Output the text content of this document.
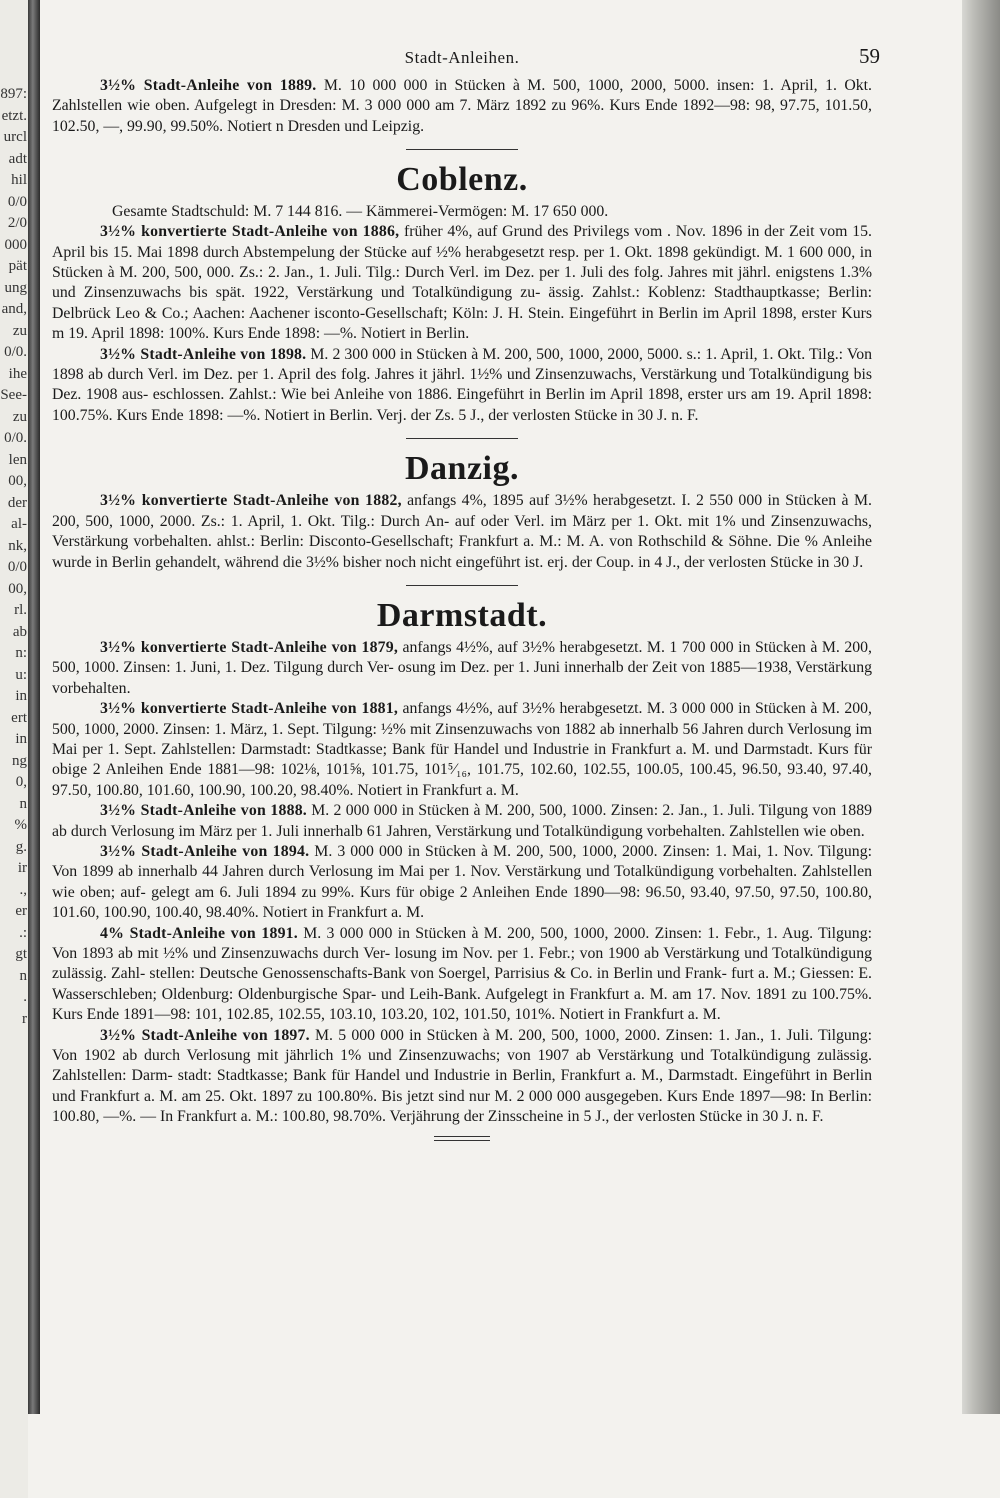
897:
etzt.
urcl
adt
hil
0/0
2/0
000
pät
ung
and,
zu
0/0.
ihe
See-
zu
0/0.
len
00,
der
al-
nk,
0/0
00,
rl.
ab
n:
u:
in
ert
in
ng
0,
n
%
g.
ir
.,
er
.:
gt
n
.
r
Stadt-Anleihen.	59

3½% Stadt-Anleihe von 1889. M. 10 000 000 in Stücken à M. 500, 1000, 2000, 5000. insen: 1. April, 1. Okt. Zahlstellen wie oben. Aufgelegt in Dresden: M. 3 000 000 am 7. März 1892 zu 96%. Kurs Ende 1892—98: 98, 97.75, 101.50, 102.50, —, 99.90, 99.50%. Notiert n Dresden und Leipzig.

Coblenz.

Gesamte Stadtschuld: M. 7 144 816. — Kämmerei-Vermögen: M. 17 650 000.

3½% konvertierte Stadt-Anleihe von 1886, früher 4%, auf Grund des Privilegs vom . Nov. 1896 in der Zeit vom 15. April bis 15. Mai 1898 durch Abstempelung der Stücke auf ½% herabgesetzt resp. per 1. Okt. 1898 gekündigt. M. 1 600 000, in Stücken à M. 200, 500, 000. Zs.: 2. Jan., 1. Juli. Tilg.: Durch Verl. im Dez. per 1. Juli des folg. Jahres mit jährl. enigstens 1.3% und Zinsenzuwachs bis spät. 1922, Verstärkung und Totalkündigung zu- ässig. Zahlst.: Koblenz: Stadthauptkasse; Berlin: Delbrück Leo & Co.; Aachen: Aachener isconto-Gesellschaft; Köln: J. H. Stein. Eingeführt in Berlin im April 1898, erster Kurs m 19. April 1898: 100%. Kurs Ende 1898: —%. Notiert in Berlin.

3½% Stadt-Anleihe von 1898. M. 2 300 000 in Stücken à M. 200, 500, 1000, 2000, 5000. s.: 1. April, 1. Okt. Tilg.: Von 1898 ab durch Verl. im Dez. per 1. April des folg. Jahres it jährl. 1½% und Zinsenzuwachs, Verstärkung und Totalkündigung bis Dez. 1908 aus- eschlossen. Zahlst.: Wie bei Anleihe von 1886. Eingeführt in Berlin im April 1898, erster urs am 19. April 1898: 100.75%. Kurs Ende 1898: —%. Notiert in Berlin. Verj. der Zs. 5 J., der verlosten Stücke in 30 J. n. F.

Danzig.

3½% konvertierte Stadt-Anleihe von 1882, anfangs 4%, 1895 auf 3½% herabgesetzt. I. 2 550 000 in Stücken à M. 200, 500, 1000, 2000. Zs.: 1. April, 1. Okt. Tilg.: Durch An- auf oder Verl. im März per 1. Okt. mit 1% und Zinsenzuwachs, Verstärkung vorbehalten. ahlst.: Berlin: Disconto-Gesellschaft; Frankfurt a. M.: M. A. von Rothschild & Söhne. Die % Anleihe wurde in Berlin gehandelt, während die 3½% bisher noch nicht eingeführt ist. erj. der Coup. in 4 J., der verlosten Stücke in 30 J.

Darmstadt.

3½% konvertierte Stadt-Anleihe von 1879, anfangs 4½%, auf 3½% herabgesetzt. M. 1 700 000 in Stücken à M. 200, 500, 1000. Zinsen: 1. Juni, 1. Dez. Tilgung durch Ver- osung im Dez. per 1. Juni innerhalb der Zeit von 1885—1938, Verstärkung vorbehalten.

3½% konvertierte Stadt-Anleihe von 1881, anfangs 4½%, auf 3½% herabgesetzt. M. 3 000 000 in Stücken à M. 200, 500, 1000, 2000. Zinsen: 1. März, 1. Sept. Tilgung: ½% mit Zinsenzuwachs von 1882 ab innerhalb 56 Jahren durch Verlosung im Mai per 1. Sept. Zahlstellen: Darmstadt: Stadtkasse; Bank für Handel und Industrie in Frankfurt a. M. und Darmstadt. Kurs für obige 2 Anleihen Ende 1881—98: 102⅛, 101⅝, 101.75, 101⁵⁄₁₆, 101.75, 102.60, 102.55, 100.05, 100.45, 96.50, 93.40, 97.40, 97.50, 100.80, 101.60, 100.90, 100.20, 98.40%. Notiert in Frankfurt a. M.

3½% Stadt-Anleihe von 1888. M. 2 000 000 in Stücken à M. 200, 500, 1000. Zinsen: 2. Jan., 1. Juli. Tilgung von 1889 ab durch Verlosung im März per 1. Juli innerhalb 61 Jahren, Verstärkung und Totalkündigung vorbehalten. Zahlstellen wie oben.

3½% Stadt-Anleihe von 1894. M. 3 000 000 in Stücken à M. 200, 500, 1000, 2000. Zinsen: 1. Mai, 1. Nov. Tilgung: Von 1899 ab innerhalb 44 Jahren durch Verlosung im Mai per 1. Nov. Verstärkung und Totalkündigung vorbehalten. Zahlstellen wie oben; auf- gelegt am 6. Juli 1894 zu 99%. Kurs für obige 2 Anleihen Ende 1890—98: 96.50, 93.40, 97.50, 97.50, 100.80, 101.60, 100.90, 100.40, 98.40%. Notiert in Frankfurt a. M.

4% Stadt-Anleihe von 1891. M. 3 000 000 in Stücken à M. 200, 500, 1000, 2000. Zinsen: 1. Febr., 1. Aug. Tilgung: Von 1893 ab mit ½% und Zinsenzuwachs durch Ver- losung im Nov. per 1. Febr.; von 1900 ab Verstärkung und Totalkündigung zulässig. Zahl- stellen: Deutsche Genossenschafts-Bank von Soergel, Parrisius & Co. in Berlin und Frank- furt a. M.; Giessen: E. Wasserschleben; Oldenburg: Oldenburgische Spar- und Leih-Bank. Aufgelegt in Frankfurt a. M. am 17. Nov. 1891 zu 100.75%. Kurs Ende 1891—98: 101, 102.85, 102.55, 103.10, 103.20, 102, 101.50, 101%. Notiert in Frankfurt a. M.

3½% Stadt-Anleihe von 1897. M. 5 000 000 in Stücken à M. 200, 500, 1000, 2000. Zinsen: 1. Jan., 1. Juli. Tilgung: Von 1902 ab durch Verlosung mit jährlich 1% und Zinsenzuwachs; von 1907 ab Verstärkung und Totalkündigung zulässig. Zahlstellen: Darm- stadt: Stadtkasse; Bank für Handel und Industrie in Berlin, Frankfurt a. M., Darmstadt. Eingeführt in Berlin und Frankfurt a. M. am 25. Okt. 1897 zu 100.80%. Bis jetzt sind nur M. 2 000 000 ausgegeben. Kurs Ende 1897—98: In Berlin: 100.80, —%. — In Frankfurt a. M.: 100.80, 98.70%. Verjährung der Zinsscheine in 5 J., der verlosten Stücke in 30 J. n. F.
